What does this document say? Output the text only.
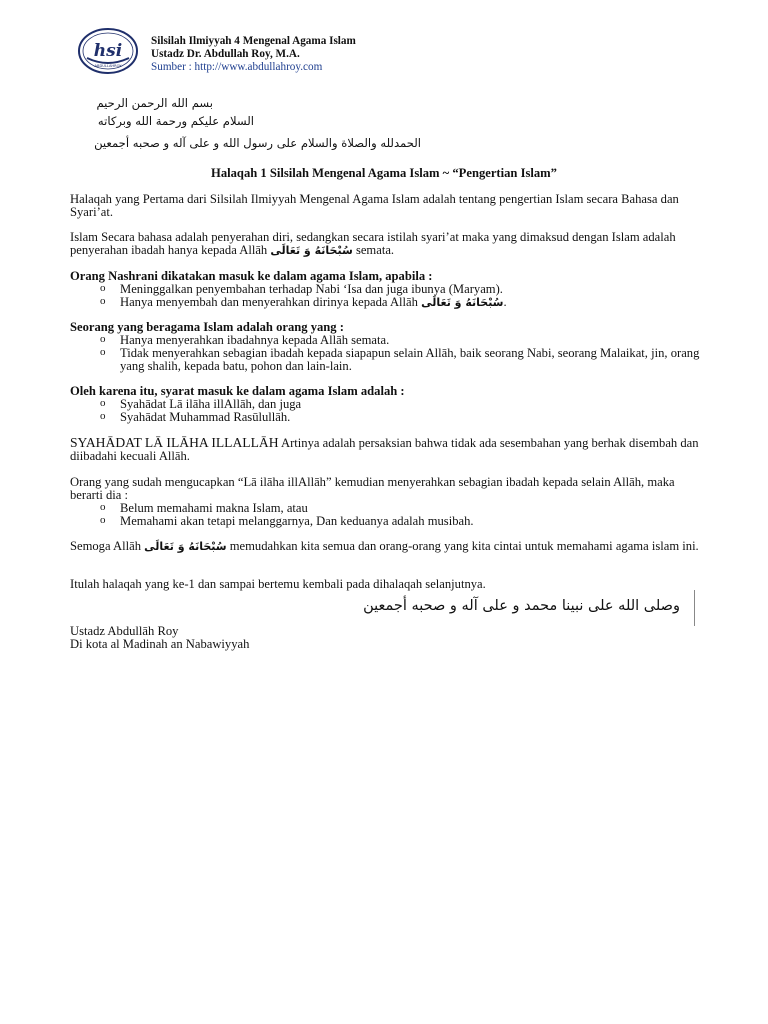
hsi
ABDULLAHROY
Silsilah Ilmiyyah 4 Mengenal Agama Islam
Ustadz Dr. Abdullah Roy, M.A.
Sumber : http://www.abdullahroy.com
بسم الله الرحمن الرحيم
السلام عليكم ورحمة الله وبركاته
الحمدلله والصلاة والسلام على رسول الله و على آله و صحبه أجمعين
Halaqah 1 Silsilah Mengenal Agama Islam ~ “Pengertian Islam”
Halaqah yang Pertama dari Silsilah Ilmiyyah Mengenal Agama Islam adalah tentang pengertian Islam secara Bahasa dan Syari’at.
Islam Secara bahasa adalah penyerahan diri, sedangkan secara istilah syari’at maka yang dimaksud dengan Islam adalah penyerahan ibadah hanya kepada Allāh سُبْحَانَهُ وَ تَعَالَى semata.
Orang Nashrani dikatakan masuk ke dalam agama Islam, apabila :
o Meninggalkan penyembahan terhadap Nabi ‘Isa dan juga ibunya (Maryam).
o Hanya menyembah dan menyerahkan dirinya kepada Allāh سُبْحَانَهُ وَ تَعَالَى.
Seorang yang beragama Islam adalah orang yang :
o Hanya menyerahkan ibadahnya kepada Allāh semata.
o Tidak menyerahkan sebagian ibadah kepada siapapun selain Allāh, baik seorang Nabi, seorang Malaikat, jin, orang yang shalih, kepada batu, pohon dan lain-lain.
Oleh karena itu, syarat masuk ke dalam agama Islam adalah :
o Syahādat Lā ilāha illAllāh, dan juga
o Syahādat Muhammad Rasūlullāh.
SYAHĀDAT LĀ ILĀHA ILLALLĀH Artinya adalah persaksian bahwa tidak ada sesembahan yang berhak disembah dan diibadahi kecuali Allāh.
Orang yang sudah mengucapkan “Lā ilāha illAllāh” kemudian menyerahkan sebagian ibadah kepada selain Allāh, maka berarti dia :
o Belum memahami makna Islam, atau
o Memahami akan tetapi melanggarnya, Dan keduanya adalah musibah.
Semoga Allāh سُبْحَانَهُ وَ تَعَالَى memudahkan kita semua dan orang-orang yang kita cintai untuk memahami agama islam ini.
Itulah halaqah yang ke-1 dan sampai bertemu kembali pada dihalaqah selanjutnya.
وصلى الله على نبينا محمد و على آله و صحبه أجمعين
Ustadz Abdullāh Roy
Di kota al Madinah an Nabawiyyah
